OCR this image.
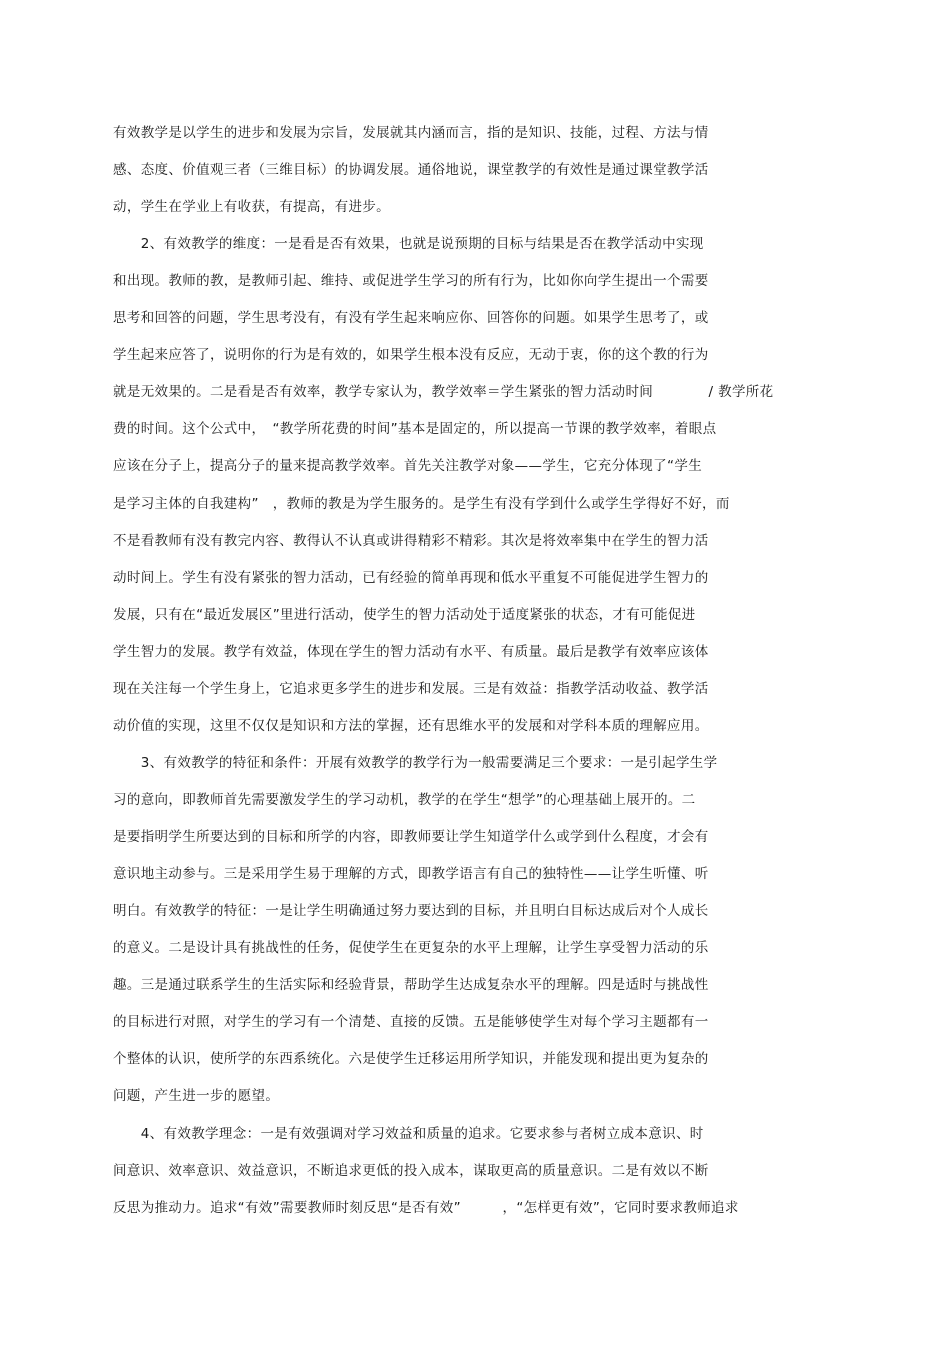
有效教学是以学生的进步和发展为宗旨，发展就其内涵而言，指的是知识、技能，过程、方法与情
感、态度、价值观三者（三维目标）的协调发展。通俗地说，课堂教学的有效性是通过课堂教学活
动，学生在学业上有收获，有提高，有进步。
　　2、有效教学的维度：一是看是否有效果，也就是说预期的目标与结果是否在教学活动中实现
和出现。教师的教，是教师引起、维持、或促进学生学习的所有行为，比如你向学生提出一个需要
思考和回答的问题，学生思考没有，有没有学生起来响应你、回答你的问题。如果学生思考了，或
学生起来应答了，说明你的行为是有效的，如果学生根本没有反应，无动于衷，你的这个教的行为
就是无效果的。二是看是否有效率，教学专家认为，教学效率＝学生紧张的智力活动时间　　　　/ 教学所花
费的时间。这个公式中，　“教学所花费的时间”基本是固定的，所以提高一节课的教学效率，着眼点
应该在分子上，提高分子的量来提高教学效率。首先关注教学对象——学生，它充分体现了“学生
是学习主体的自我建构”　，教师的教是为学生服务的。是学生有没有学到什么或学生学得好不好，而
不是看教师有没有教完内容、教得认不认真或讲得精彩不精彩。其次是将效率集中在学生的智力活
动时间上。学生有没有紧张的智力活动，已有经验的简单再现和低水平重复不可能促进学生智力的
发展，只有在“最近发展区”里进行活动，使学生的智力活动处于适度紧张的状态，才有可能促进
学生智力的发展。教学有效益，体现在学生的智力活动有水平、有质量。最后是教学有效率应该体
现在关注每一个学生身上，它追求更多学生的进步和发展。三是有效益：指教学活动收益、教学活
动价值的实现，这里不仅仅是知识和方法的掌握，还有思维水平的发展和对学科本质的理解应用。
　　3、有效教学的特征和条件：开展有效教学的教学行为一般需要满足三个要求：一是引起学生学
习的意向，即教师首先需要激发学生的学习动机，教学的在学生“想学”的心理基础上展开的。二
是要指明学生所要达到的目标和所学的内容，即教师要让学生知道学什么或学到什么程度，才会有
意识地主动参与。三是采用学生易于理解的方式，即教学语言有自己的独特性——让学生听懂、听
明白。有效教学的特征：一是让学生明确通过努力要达到的目标，并且明白目标达成后对个人成长
的意义。二是设计具有挑战性的任务，促使学生在更复杂的水平上理解，让学生享受智力活动的乐
趣。三是通过联系学生的生活实际和经验背景，帮助学生达成复杂水平的理解。四是适时与挑战性
的目标进行对照，对学生的学习有一个清楚、直接的反馈。五是能够使学生对每个学习主题都有一
个整体的认识，使所学的东西系统化。六是使学生迁移运用所学知识，并能发现和提出更为复杂的
问题，产生进一步的愿望。
　　4、有效教学理念：一是有效强调对学习效益和质量的追求。它要求参与者树立成本意识、时
间意识、效率意识、效益意识，不断追求更低的投入成本，谋取更高的质量意识。二是有效以不断
反思为推动力。追求“有效”需要教师时刻反思“是否有效”　　　，“怎样更有效”，它同时要求教师追求
